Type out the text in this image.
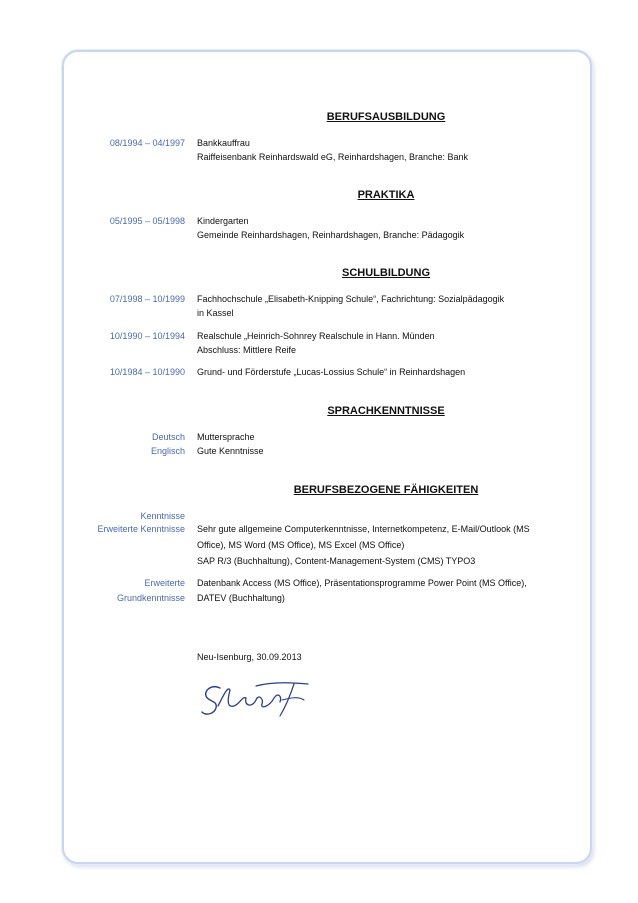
BERUFSAUSBILDUNG
08/1994 – 04/1997 Bankkauffrau
Raiffeisenbank Reinhardswald eG, Reinhardshagen, Branche: Bank
PRAKTIKA
05/1995 – 05/1998 Kindergarten
Gemeinde Reinhardshagen, Reinhardshagen, Branche: Pädagogik
SCHULBILDUNG
07/1998 – 10/1999 Fachhochschule „Elisabeth-Knipping Schule“, Fachrichtung: Sozialpädagogik
in Kassel
10/1990 – 10/1994 Realschule „Heinrich-Sohnrey Realschule in Hann. Münden
Abschluss: Mittlere Reife
10/1984 – 10/1990 Grund- und Förderstufe „Lucas-Lossius Schule“ in Reinhardshagen
SPRACHKENNTNISSE
Deutsch Muttersprache
Englisch Gute Kenntnisse
BERUFSBEZOGENE FÄHIGKEITEN
Kenntnisse
Erweiterte Kenntnisse Sehr gute allgemeine Computerkenntnisse, Internetkompetenz, E-Mail/Outlook (MS
Office), MS Word (MS Office), MS Excel (MS Office)
SAP R/3 (Buchhaltung), Content-Management-System (CMS) TYPO3
Erweiterte
Grundkenntnisse
Datenbank Access (MS Office), Präsentationsprogramme Power Point (MS Office),
DATEV (Buchhaltung)
Neu-Isenburg, 30.09.2013
